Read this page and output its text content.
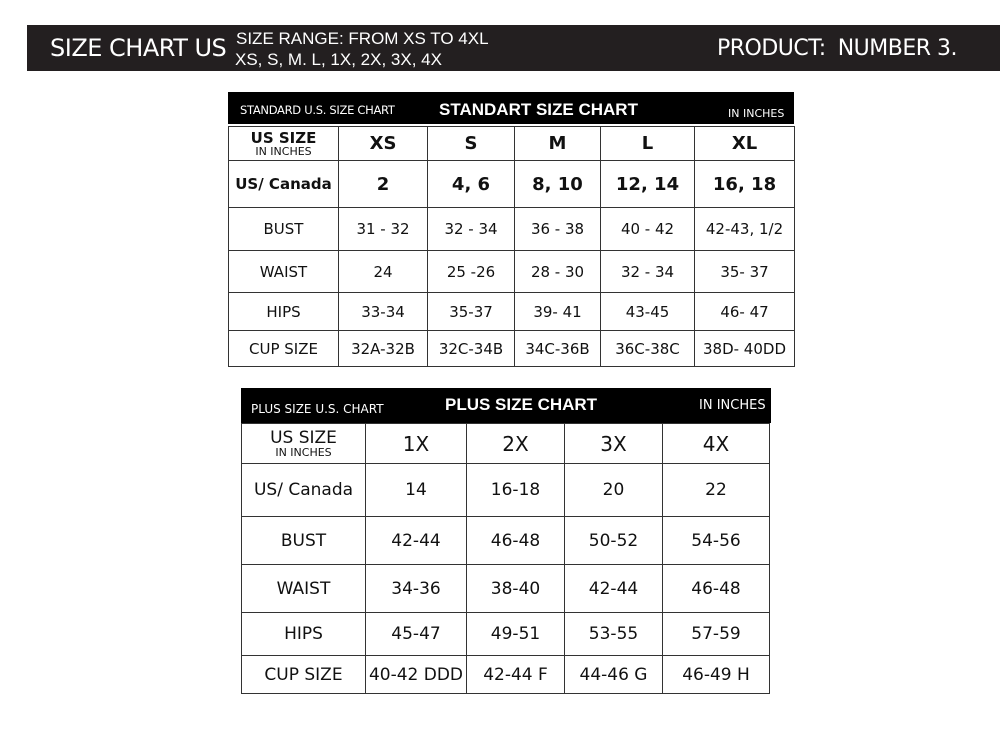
SIZE CHART US SIZE RANGE: FROM XS TO 4XL
XS, S, M. L, 1X, 2X, 3X, 4X	PRODUCT: NUMBER 3.
STANDARD U.S. SIZE CHART	STANDART SIZE CHART	IN INCHES
US SIZE
IN INCHES	XS	S	M	L	XL
US/ Canada	2	4, 6	8, 10	12, 14	16, 18
BUST	31 - 32	32 - 34	36 - 38	40 - 42	42-43, 1/2
WAIST	24	25 -26	28 - 30	32 - 34	35- 37
HIPS	33-34	35-37	39- 41	43-45	46- 47
CUP SIZE	32A-32B	32C-34B	34C-36B	36C-38C	38D- 40DD
PLUS SIZE U.S. CHART	PLUS SIZE CHART	IN INCHES
US SIZE
IN INCHES	1X	2X	3X	4X
US/ Canada	14	16-18	20	22
BUST	42-44	46-48	50-52	54-56
WAIST	34-36	38-40	42-44	46-48
HIPS	45-47	49-51	53-55	57-59
CUP SIZE	40-42 DDD	42-44 F	44-46 G	46-49 H
